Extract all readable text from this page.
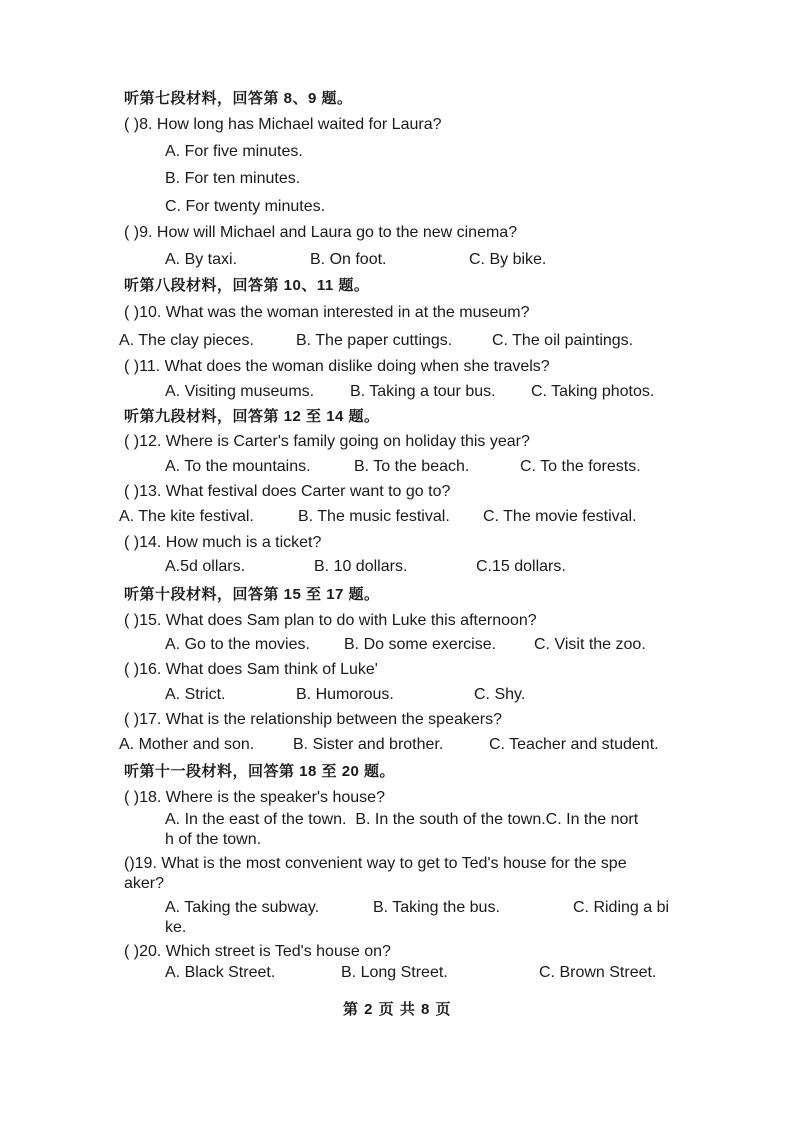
听第七段材料，回答第 8、9 题。
( )8. How long has Michael waited for Laura?
A. For five minutes.
B. For ten minutes.
C. For twenty minutes.
( )9. How will Michael and Laura go to the new cinema?
A. By taxi.	B. On foot.	C. By bike.
听第八段材料，回答第 10、11 题。
( )10. What was the woman interested in at the museum?
A. The clay pieces.	B. The paper cuttings. C. The oil paintings.
( )11. What does the woman dislike doing when she travels?
A. Visiting museums. B. Taking a tour bus. C. Taking photos.
听第九段材料，回答第 12 至 14 题。
( )12. Where is Carter's family going on holiday this year?
A. To the mountains.	B. To the beach.	C. To the forests.
( )13. What festival does Carter want to go to?
A. The kite festival.	B. The music festival. C. The movie festival.
( )14. How much is a ticket?
A.5d ollars.	B. 10 dollars.	C.15 dollars.
听第十段材料，回答第 15 至 17 题。
( )15. What does Sam plan to do with Luke this afternoon?
A. Go to the movies. B. Do some exercise. C. Visit the zoo.
( )16. What does Sam think of Luke'
A. Strict.	B. Humorous.	C. Shy.
( )17. What is the relationship between the speakers?
A. Mother and son. B. Sister and brother.	C. Teacher and student.
听第十一段材料，回答第 18 至 20 题。
( )18. Where is the speaker's house?
A. In the east of the town.  B. In the south of the town.C. In the nort
h of the town.
()19. What is the most convenient way to get to Ted's house for the spe
aker?
A. Taking the subway.	B. Taking the bus.	C. Riding a bi
ke.
( )20. Which street is Ted's house on?
A. Black Street.	B. Long Street.	C. Brown Street.
第 2 页 共 8 页
